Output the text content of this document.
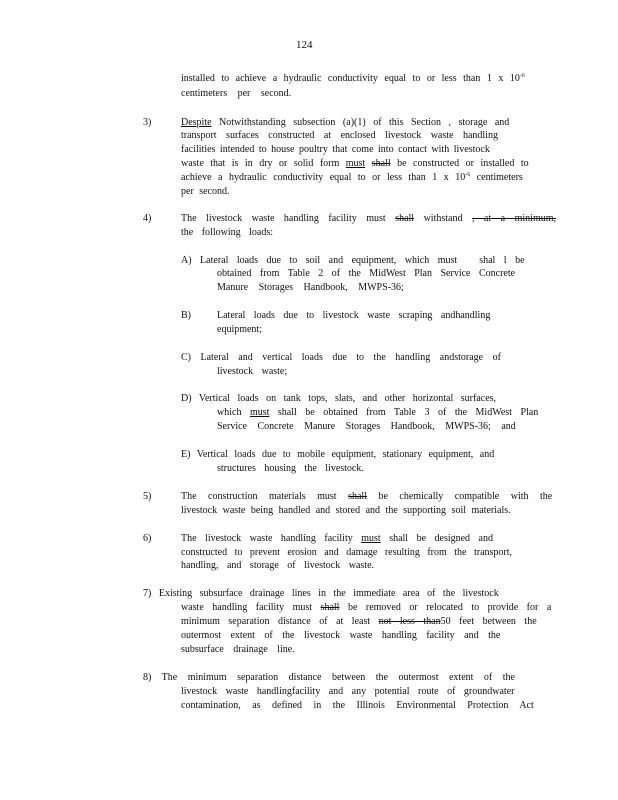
124
installed to achieve a hydraulic conductivity equal to or less than 1 x $10^{-6}$
centimeters per second.
3)	Despite Notwithstanding subsection (a)(1) of this Section , storage and
transport surfaces constructed at enclosed livestock waste handling
facilities intended to house poultry that come into contact with livestock
waste that is in dry or solid form must shall be constructed or installed to
achieve a hydraulic conductivity equal to or less than 1 x $10^{-6}$ centimeters
per second.
4)	The livestock waste handling facility must shall withstand , at a minimum,
the following loads:
A) Lateral loads due to soil and equipment, which must shal l be
obtained from Table 2 of the MidWest Plan Service Concrete
Manure Storages Handbook, MWPS-36;
B)	Lateral loads due to livestock waste scraping andhandling
equipment;
C) Lateral and vertical loads due to the handling andstorage of
livestock waste;
D) Vertical loads on tank tops, slats, and other horizontal surfaces,
which must shall be obtained from Table 3 of the MidWest Plan
Service Concrete Manure Storages Handbook, MWPS-36; and
E) Vertical loads due to mobile equipment, stationary equipment, and
structures housing the livestock.
5)	The construction materials must shall be chemically compatible with the
livestock waste being handled and stored and the supporting soil materials.
6)	The livestock waste handling facility must shall be designed and
constructed to prevent erosion and damage resulting from the transport,
handling, and storage of livestock waste.
7) Existing subsurface drainage lines in the immediate area of the livestock
waste handling facility must shall be removed or relocated to provide for a
minimum separation distance of at least not less than50 feet between the
outermost extent of the livestock waste handling facility and the
subsurface drainage line.
8) The minimum separation distance between the outermost extent of the
livestock waste handlingfacility and any potential route of groundwater
contamination, as defined in the Illinois Environmental Protection Act
